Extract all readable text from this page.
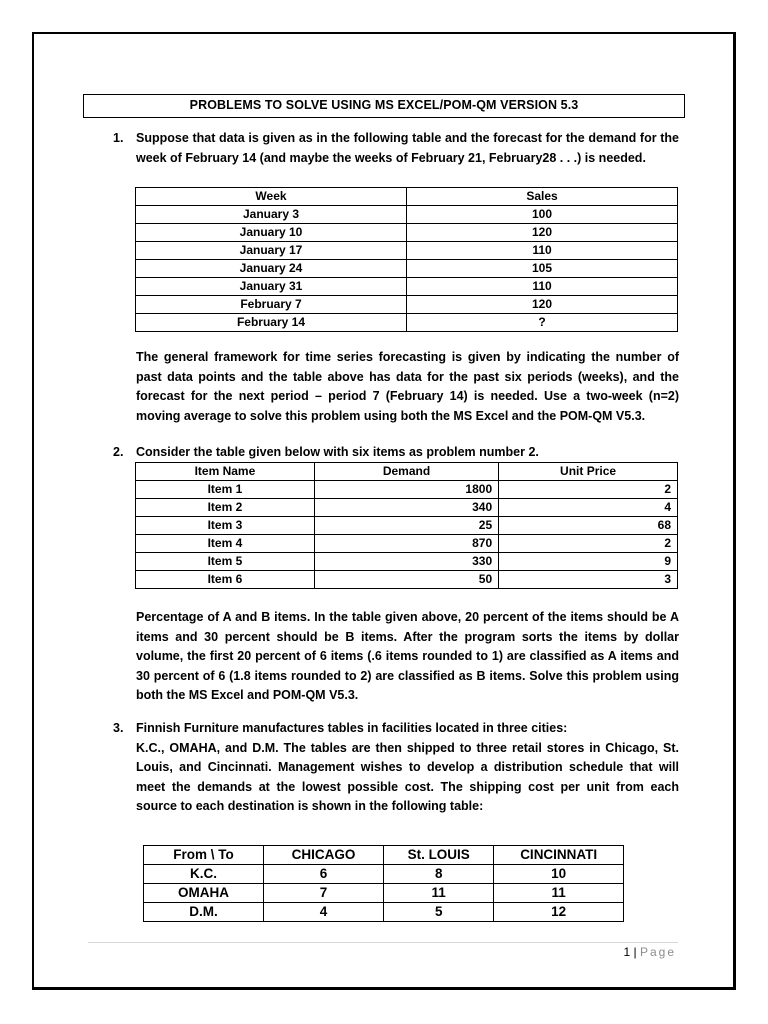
PROBLEMS TO SOLVE USING MS EXCEL/POM-QM VERSION 5.3
1. Suppose that data is given as in the following table and the forecast for the demand for the week of February 14 (and maybe the weeks of February 21, February28 . . .) is needed.
Week	Sales
January 3	100
January 10	120
January 17	110
January 24	105
January 31	110
February 7	120
February 14	?
The general framework for time series forecasting is given by indicating the number of past data points and the table above has data for the past six periods (weeks), and the forecast for the next period – period 7 (February 14) is needed. Use a two-week (n=2) moving average to solve this problem using both the MS Excel and the POM-QM V5.3.
2. Consider the table given below with six items as problem number 2.
Item Name	Demand	Unit Price
Item 1	1800	2
Item 2	340	4
Item 3	25	68
Item 4	870	2
Item 5	330	9
Item 6	50	3
Percentage of A and B items. In the table given above, 20 percent of the items should be A items and 30 percent should be B items. After the program sorts the items by dollar volume, the first 20 percent of 6 items (.6 items rounded to 1) are classified as A items and 30 percent of 6 (1.8 items rounded to 2) are classified as B items. Solve this problem using both the MS Excel and POM-QM V5.3.
3. Finnish Furniture manufactures tables in facilities located in three cities:
K.C., OMAHA, and D.M. The tables are then shipped to three retail stores in Chicago, St. Louis, and Cincinnati. Management wishes to develop a distribution schedule that will meet the demands at the lowest possible cost. The shipping cost per unit from each source to each destination is shown in the following table:
From \ To	CHICAGO	St. LOUIS	CINCINNATI
K.C.	6	8	10
OMAHA	7	11	11
D.M.	4	5	12
1 | Page
